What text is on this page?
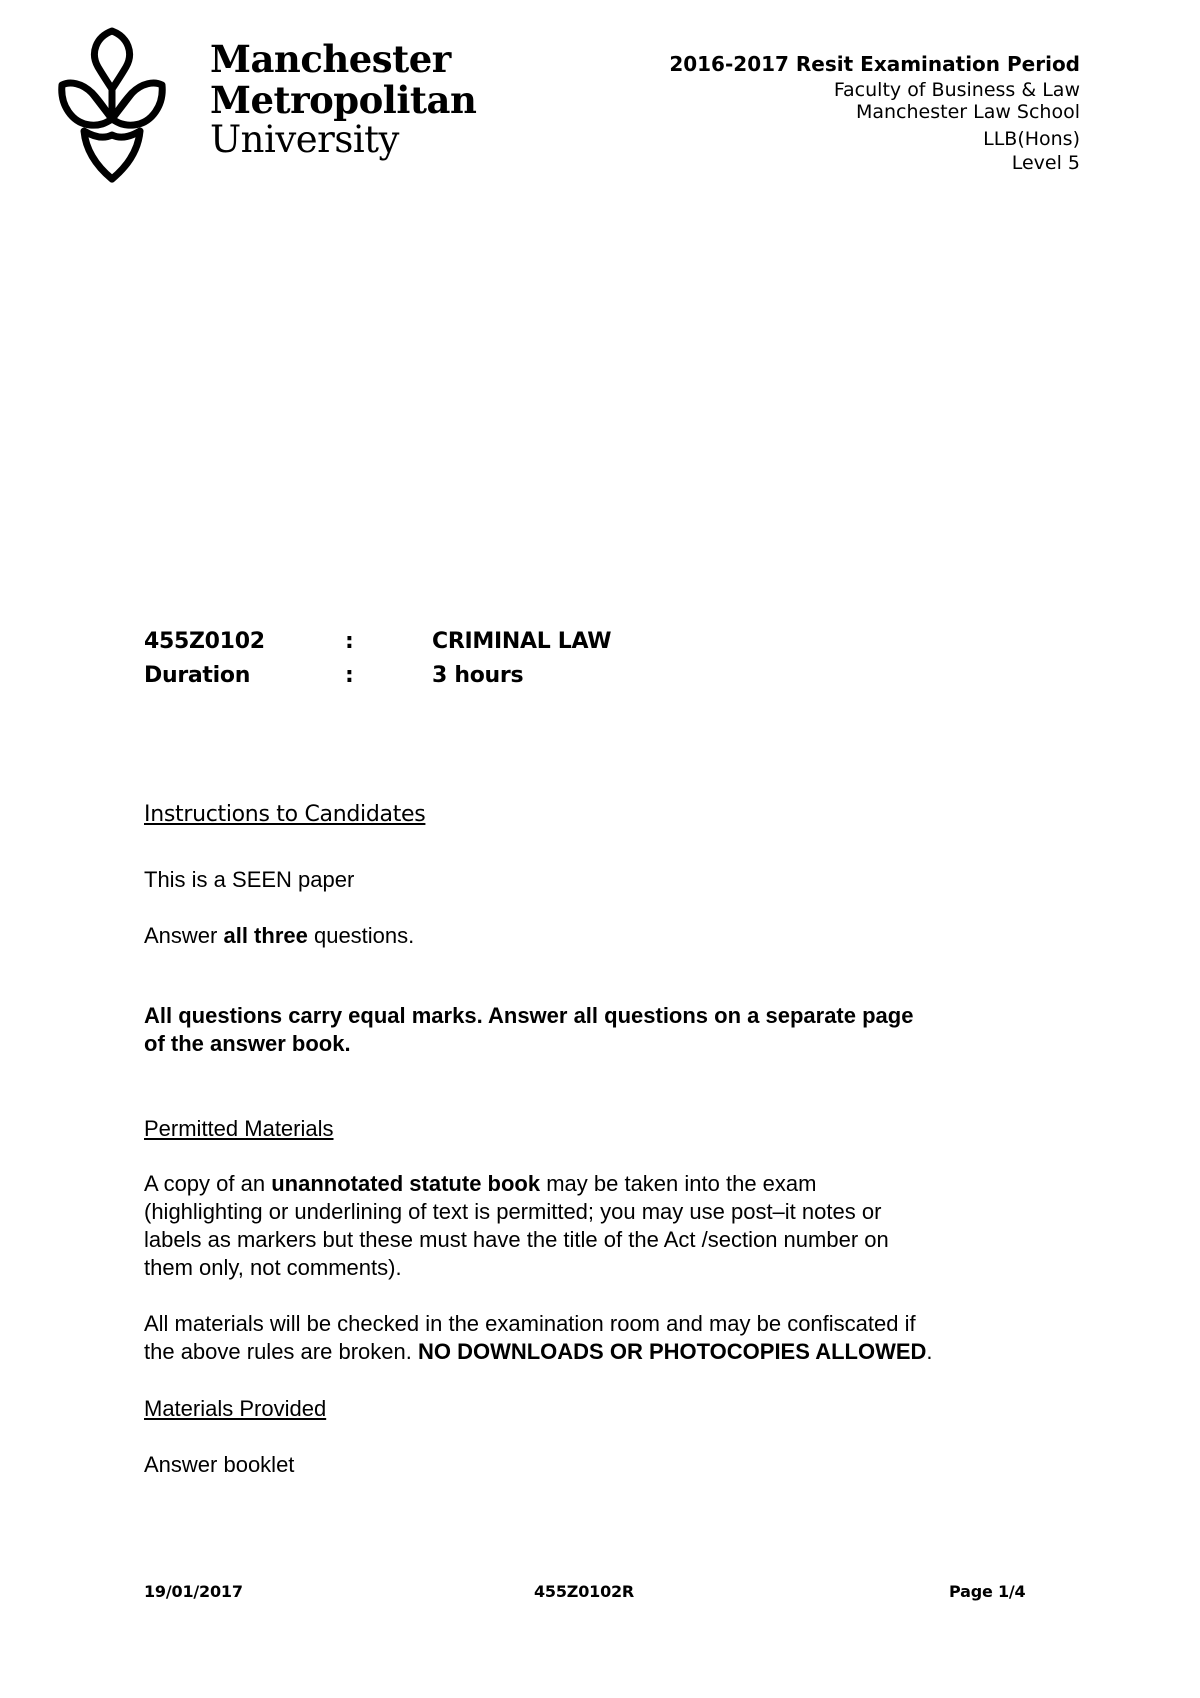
Manchester
Metropolitan
University
2016-2017 Resit Examination Period
Faculty of Business & Law
Manchester Law School
LLB(Hons)
Level 5
455Z0102	:	CRIMINAL LAW
Duration	:	3 hours
Instructions to Candidates
This is a SEEN paper
Answer all three questions.
All questions carry equal marks. Answer all questions on a separate page
of the answer book.
Permitted Materials
A copy of an unannotated statute book may be taken into the exam
(highlighting or underlining of text is permitted; you may use post–it notes or
labels as markers but these must have the title of the Act /section number on
them only, not comments).
All materials will be checked in the examination room and may be confiscated if
the above rules are broken. NO DOWNLOADS OR PHOTOCOPIES ALLOWED.
Materials Provided
Answer booklet
19/01/2017	455Z0102R	Page 1/4
